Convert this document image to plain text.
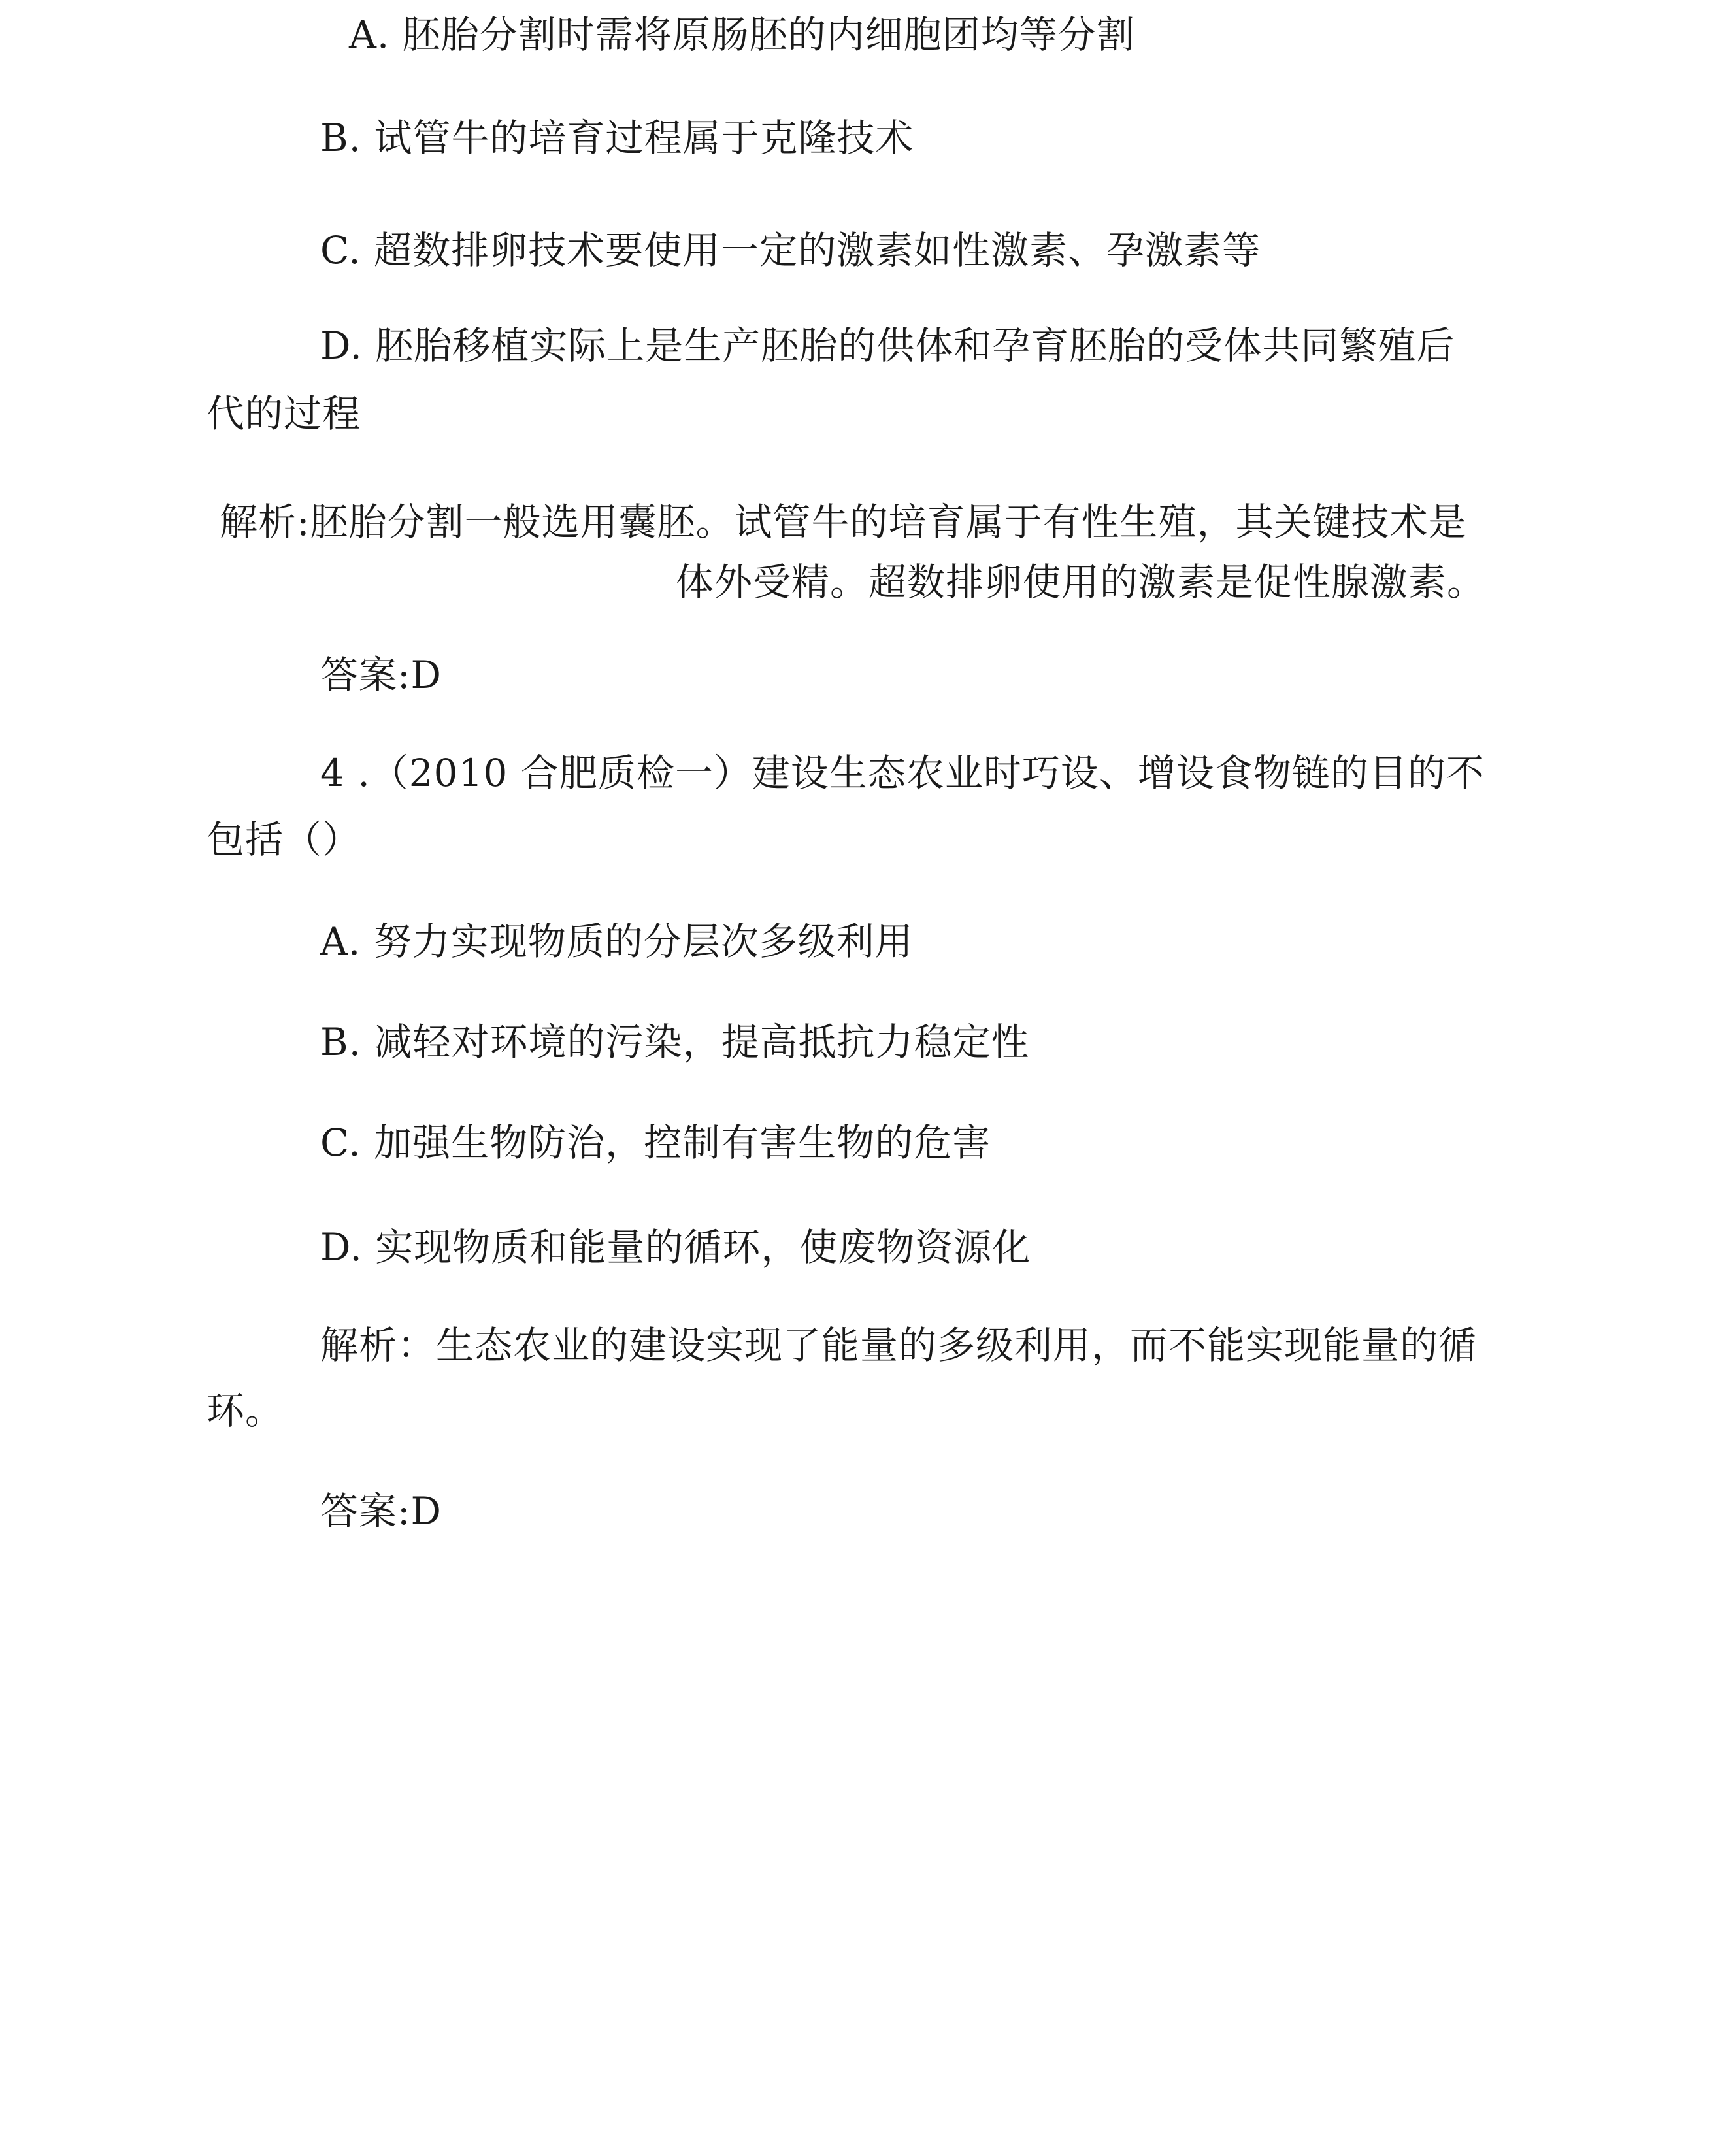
A. 胚胎分割时需将原肠胚的内细胞团均等分割
B. 试管牛的培育过程属于克隆技术
C. 超数排卵技术要使用一定的激素如性激素、孕激素等
D. 胚胎移植实际上是生产胚胎的供体和孕育胚胎的受体共同繁殖后
代的过程
解析:胚胎分割一般选用囊胚。试管牛的培育属于有性生殖，其关键技术是
体外受精。超数排卵使用的激素是促性腺激素。
答案:D
4 .（2010 合肥质检一）建设生态农业时巧设、增设食物链的目的不
包括（）
A. 努力实现物质的分层次多级利用
B. 减轻对环境的污染，提高抵抗力稳定性
C. 加强生物防治，控制有害生物的危害
D. 实现物质和能量的循环，使废物资源化
解析：生态农业的建设实现了能量的多级利用，而不能实现能量的循
环。
答案:D
